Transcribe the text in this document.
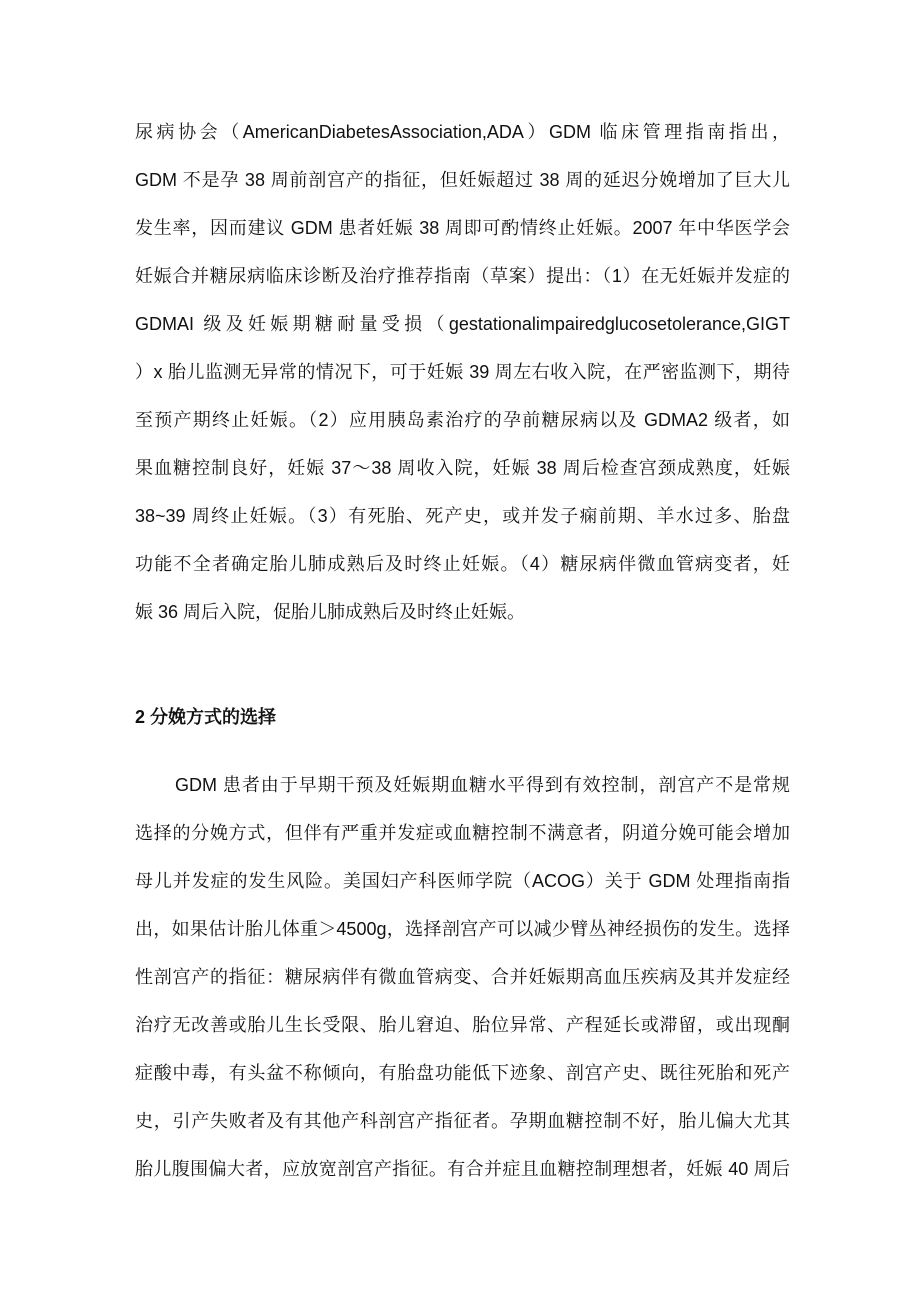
尿病协会（AmericanDiabetesAssociation,ADA）GDM 临床管理指南指出，
GDM 不是孕 38 周前剖宫产的指征，但妊娠超过 38 周的延迟分娩增加了巨大儿
发生率，因而建议 GDM 患者妊娠 38 周即可酌情终止妊娠。2007 年中华医学会
妊娠合并糖尿病临床诊断及治疗推荐指南（草案）提出：（1）在无妊娠并发症的
GDMAI 级及妊娠期糖耐量受损（gestationalimpairedglucosetolerance,GIGT
）x 胎儿监测无异常的情况下，可于妊娠 39 周左右收入院，在严密监测下，期待
至预产期终止妊娠。（2）应用胰岛素治疗的孕前糖尿病以及 GDMA2 级者，如
果血糖控制良好，妊娠 37～38 周收入院，妊娠 38 周后检查宫颈成熟度，妊娠
38~39 周终止妊娠。（3）有死胎、死产史，或并发子痫前期、羊水过多、胎盘
功能不全者确定胎儿肺成熟后及时终止妊娠。（4）糖尿病伴微血管病变者，妊
娠 36 周后入院，促胎儿肺成熟后及时终止妊娠。
2 分娩方式的选择
GDM 患者由于早期干预及妊娠期血糖水平得到有效控制，剖宫产不是常规
选择的分娩方式，但伴有严重并发症或血糖控制不满意者，阴道分娩可能会增加
母儿并发症的发生风险。美国妇产科医师学院（ACOG）关于 GDM 处理指南指
出，如果估计胎儿体重＞4500g，选择剖宫产可以减少臂丛神经损伤的发生。选择
性剖宫产的指征：糖尿病伴有微血管病变、合并妊娠期高血压疾病及其并发症经
治疗无改善或胎儿生长受限、胎儿窘迫、胎位异常、产程延长或滞留，或出现酮
症酸中毒，有头盆不称倾向，有胎盘功能低下迹象、剖宫产史、既往死胎和死产
史，引产失败者及有其他产科剖宫产指征者。孕期血糖控制不好，胎儿偏大尤其
胎儿腹围偏大者，应放宽剖宫产指征。有合并症且血糖控制理想者，妊娠 40 周后
